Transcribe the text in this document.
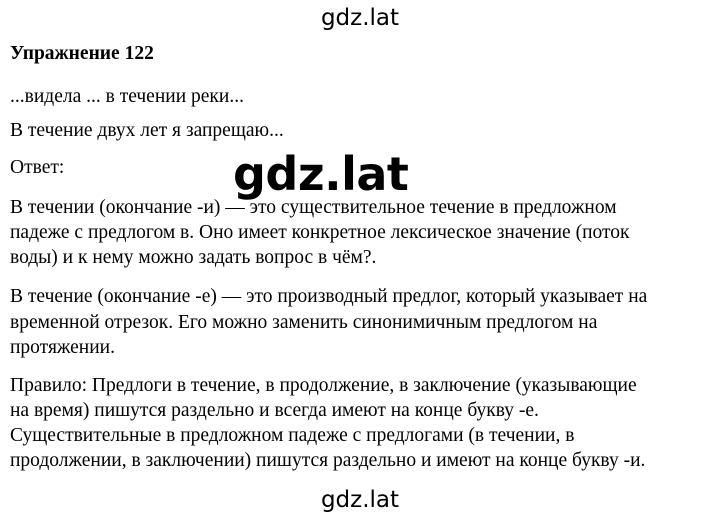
gdz.lat
Упражнение 122
...видела ... в течении реки...
В течение двух лет я запрещаю...
Ответ:
В течении (окончание -и) — это существительное течение в предложном
падеже с предлогом в. Оно имеет конкретное лексическое значение (поток
воды) и к нему можно задать вопрос в чём?.
В течение (окончание -е) — это производный предлог, который указывает на
временной отрезок. Его можно заменить синонимичным предлогом на
протяжении.
Правило: Предлоги в течение, в продолжение, в заключение (указывающие
на время) пишутся раздельно и всегда имеют на конце букву -е.
Существительные в предложном падеже с предлогами (в течении, в
продолжении, в заключении) пишутся раздельно и имеют на конце букву -и.
gdz.lat
gdz.lat
